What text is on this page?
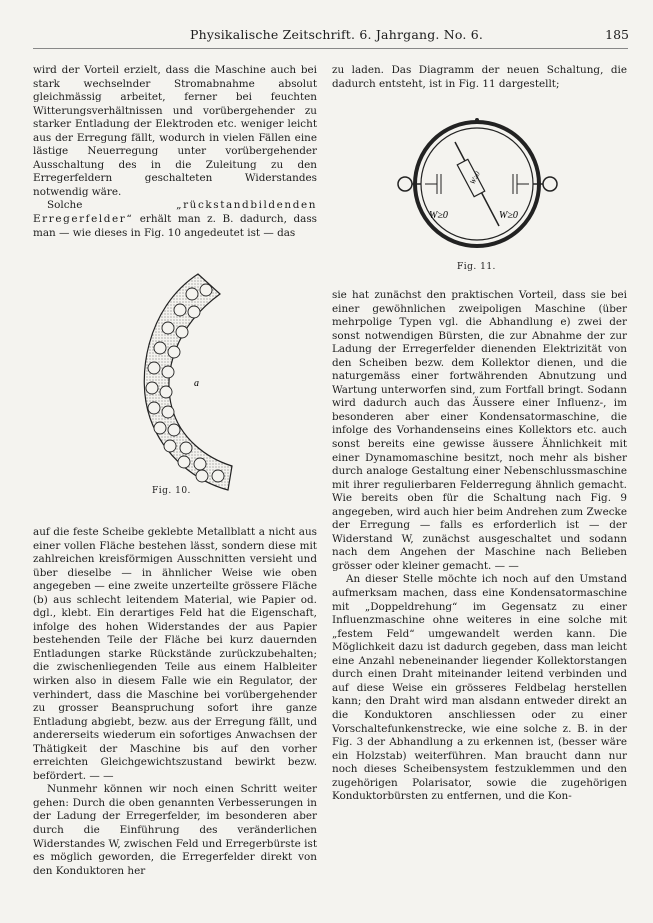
Physikalische Zeitschrift. 6. Jahrgang. No. 6.	185

wird der Vorteil erzielt, dass die Maschine auch bei stark wechselnder Stromabnahme absolut gleichmässig arbeitet, ferner bei feuchten Witterungsverhältnissen und vorübergehender zu starker Entladung der Elektroden etc. weniger leicht aus der Erregung fällt, wodurch in vielen Fällen eine lästige Neuerregung unter vorübergehender Ausschaltung des in die Zuleitung zu den Erregerfeldern geschalteten Widerstandes notwendig wäre.

Solche „rückstandbildenden Erregerfelder“ erhält man z. B. dadurch, dass man — wie dieses in Fig. 10 angedeutet ist — das

a
Fig. 10.

auf die feste Scheibe geklebte Metallblatt a nicht aus einer vollen Fläche bestehen lässt, sondern diese mit zahlreichen kreisförmigen Ausschnitten versieht und über dieselbe — in ähnlicher Weise wie oben angegeben — eine zweite unzerteilte grössere Fläche (b) aus schlecht leitendem Material, wie Papier od. dgl., klebt. Ein derartiges Feld hat die Eigenschaft, infolge des hohen Widerstandes der aus Papier bestehenden Teile der Fläche bei kurz dauernden Entladungen starke Rückstände zurückzubehalten; die zwischenliegenden Teile aus einem Halbleiter wirken also in diesem Falle wie ein Regulator, der verhindert, dass die Maschine bei vorübergehender zu grosser Beanspruchung sofort ihre ganze Entladung abgiebt, bezw. aus der Erregung fällt, und andererseits wiederum ein sofortiges Anwachsen der Thätigkeit der Maschine bis auf den vorher erreichten Gleichgewichtszustand bewirkt bezw. befördert. — —

Nunmehr können wir noch einen Schritt weiter gehen: Durch die oben genannten Verbesserungen in der Ladung der Erregerfelder, im besonderen aber durch die Einführung des veränderlichen Widerstandes W, zwischen Feld und Erregerbürste ist es möglich geworden, die Erregerfelder direkt von den Konduktoren her

zu laden. Das Diagramm der neuen Schaltung, die dadurch entsteht, ist in Fig. 11 dargestellt;

W≥0	W≥0
W≥0
Fig. 11.

sie hat zunächst den praktischen Vorteil, dass sie bei einer gewöhnlichen zweipoligen Maschine (über mehrpolige Typen vgl. die Abhandlung e) zwei der sonst notwendigen Bürsten, die zur Abnahme der zur Ladung der Erregerfelder dienenden Elektrizität von den Scheiben bezw. dem Kollektor dienen, und die naturgemäss einer fortwährenden Abnutzung und Wartung unterworfen sind, zum Fortfall bringt. Sodann wird dadurch auch das Äussere einer Influenz-, im besonderen aber einer Kondensatormaschine, die infolge des Vorhandenseins eines Kollektors etc. auch sonst bereits eine gewisse äussere Ähnlichkeit mit einer Dynamomaschine besitzt, noch mehr als bisher durch analoge Gestaltung einer Nebenschlussmaschine mit ihrer regulierbaren Felderregung ähnlich gemacht. Wie bereits oben für die Schaltung nach Fig. 9 angegeben, wird auch hier beim Andrehen zum Zwecke der Erregung — falls es erforderlich ist — der Widerstand W, zunächst ausgeschaltet und sodann nach dem Angehen der Maschine nach Belieben grösser oder kleiner gemacht. — —

An dieser Stelle möchte ich noch auf den Umstand aufmerksam machen, dass eine Kondensatormaschine mit „Doppeldrehung“ im Gegensatz zu einer Influenzmaschine ohne weiteres in eine solche mit „festem Feld“ umgewandelt werden kann. Die Möglichkeit dazu ist dadurch gegeben, dass man leicht eine Anzahl nebeneinander liegender Kollektorstangen durch einen Draht miteinander leitend verbinden und auf diese Weise ein grösseres Feldbelag herstellen kann; den Draht wird man alsdann entweder direkt an die Konduktoren anschliessen oder zu einer Vorschaltefunkenstrecke, wie eine solche z. B. in der Fig. 3 der Abhandlung a zu erkennen ist, (besser wäre ein Holzstab) weiterführen. Man braucht dann nur noch dieses Scheibensystem festzuklemmen und den zugehörigen Polarisator, sowie die zugehörigen Konduktorbürsten zu entfernen, und die Kon-
